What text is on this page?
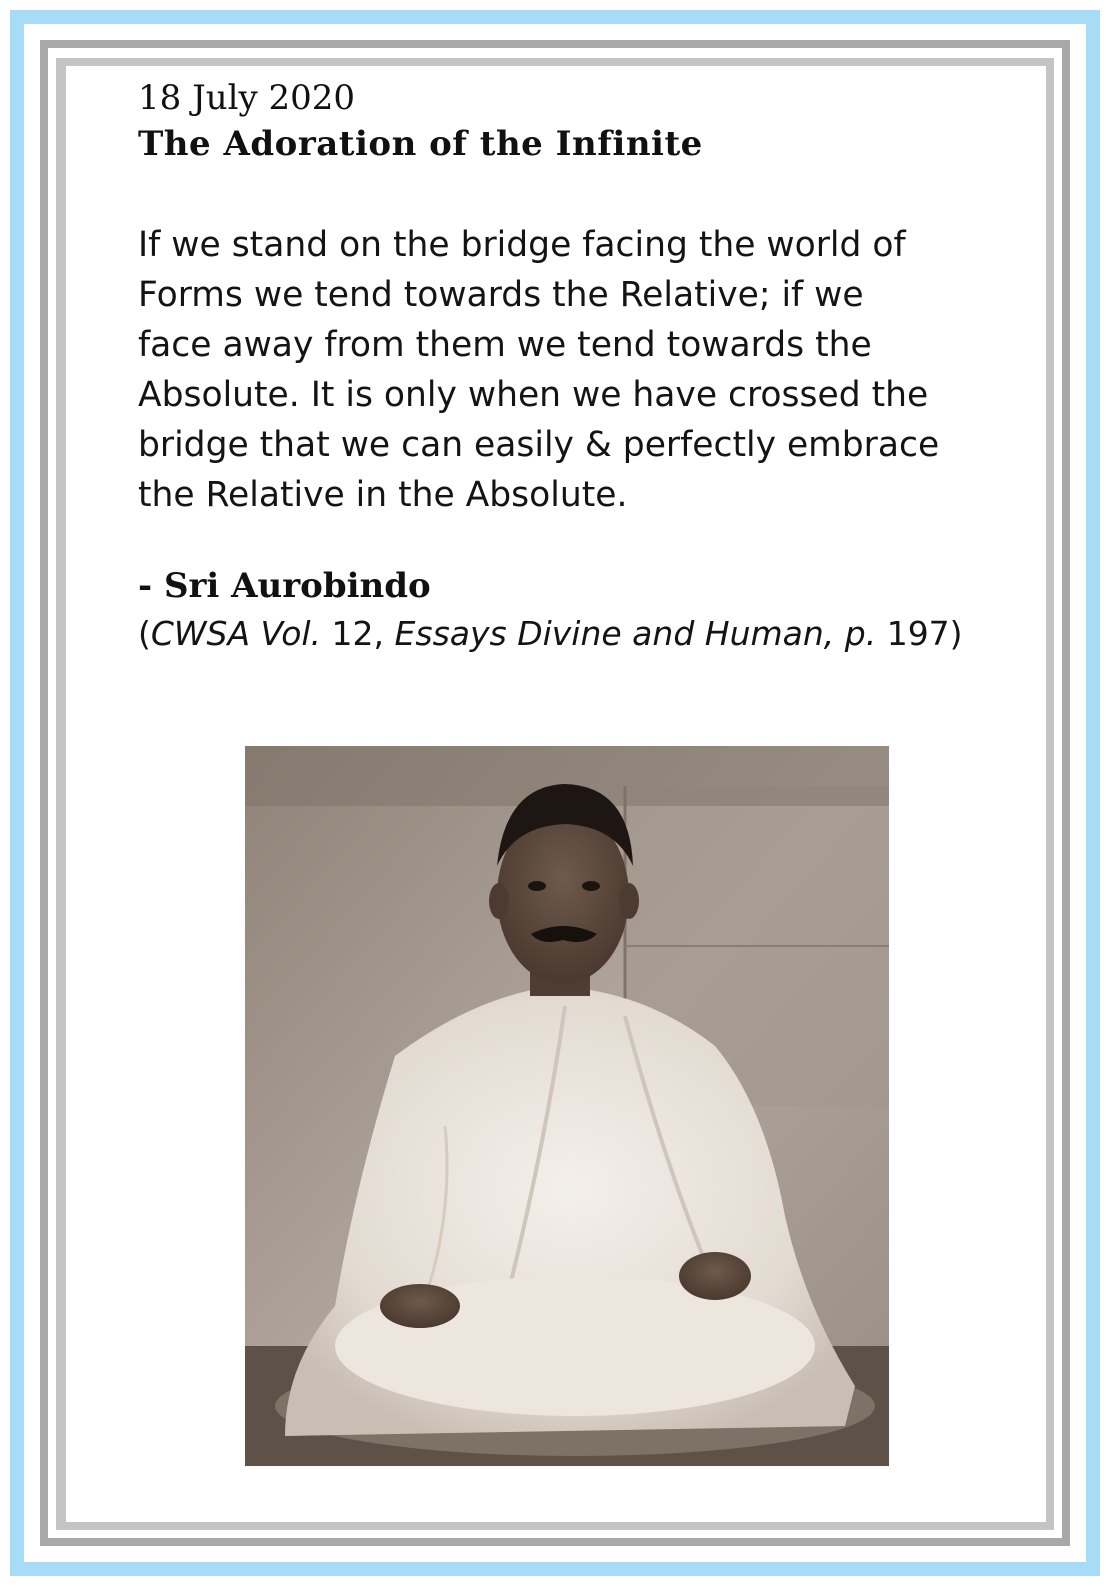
18 July 2020
The Adoration of the Infinite
If we stand on the bridge facing the world of
Forms we tend towards the Relative; if we
face away from them we tend towards the
Absolute. It is only when we have crossed the
bridge that we can easily & perfectly embrace
the Relative in the Absolute.
- Sri Aurobindo
(CWSA Vol. 12, Essays Divine and Human, p. 197)
